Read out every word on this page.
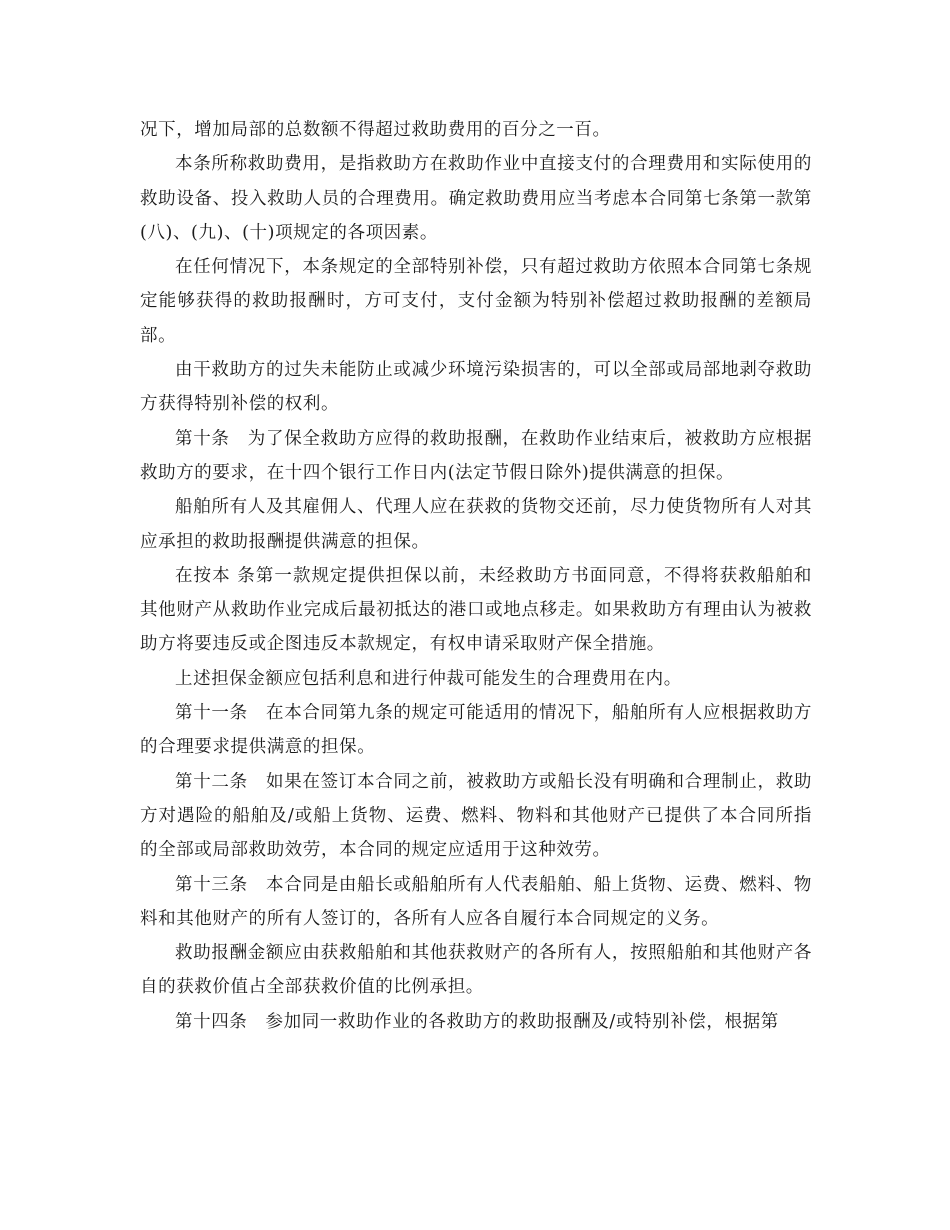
况下，增加局部的总数额不得超过救助费用的百分之一百。

本条所称救助费用，是指救助方在救助作业中直接支付的合理费用和实际使用的救助设备、投入救助人员的合理费用。确定救助费用应当考虑本合同第七条第一款第(八)、(九)、(十)项规定的各项因素。

在任何情况下，本条规定的全部特别补偿，只有超过救助方依照本合同第七条规定能够获得的救助报酬时，方可支付，支付金额为特别补偿超过救助报酬的差额局部。

由干救助方的过失未能防止或减少环境污染损害的，可以全部或局部地剥夺救助方获得特别补偿的权利。

第十条　为了保全救助方应得的救助报酬，在救助作业结束后，被救助方应根据救助方的要求，在十四个银行工作日内(法定节假日除外)提供满意的担保。

船舶所有人及其雇佣人、代理人应在获救的货物交还前，尽力使货物所有人对其应承担的救助报酬提供满意的担保。

在按本 条第一款规定提供担保以前，未经救助方书面同意，不得将获救船舶和其他财产从救助作业完成后最初抵达的港口或地点移走。如果救助方有理由认为被救助方将要违反或企图违反本款规定，有权申请采取财产保全措施。

上述担保金额应包括利息和进行仲裁可能发生的合理费用在内。

第十一条　在本合同第九条的规定可能适用的情况下，船舶所有人应根据救助方的合理要求提供满意的担保。

第十二条　如果在签订本合同之前，被救助方或船长没有明确和合理制止，救助方对遇险的船舶及/或船上货物、运费、燃料、物料和其他财产已提供了本合同所指的全部或局部救助效劳，本合同的规定应适用于这种效劳。

第十三条　本合同是由船长或船舶所有人代表船舶、船上货物、运费、燃料、物料和其他财产的所有人签订的，各所有人应各自履行本合同规定的义务。

救助报酬金额应由获救船舶和其他获救财产的各所有人，按照船舶和其他财产各自的获救价值占全部获救价值的比例承担。

第十四条　参加同一救助作业的各救助方的救助报酬及/或特别补偿，根据第
